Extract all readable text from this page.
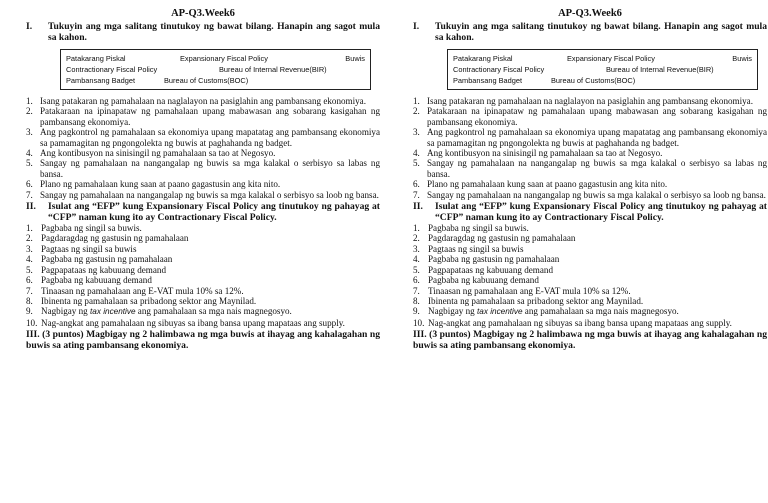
AP-Q3.Week6
I.	Tukuyin ang mga salitang tinutukoy ng bawat bilang. Hanapin ang sagot mula sa kahon.
Patakarang Piskal	Expansionary Fiscal Policy	Buwis
Contractionary Fiscal Policy	Bureau of Internal Revenue(BIR)
Pambansang Badget	Bureau of Customs(BOC)
1. Isang patakaran ng pamahalaan na naglalayon na pasiglahin ang pambansang ekonomiya.
2. Patakaraan na ipinapataw ng pamahalaan upang mabawasan ang sobarang kasigahan ng pambansang ekonomiya.
3. Ang pagkontrol ng pamahalaan sa ekonomiya upang mapatatag ang pambansang ekonomiya sa pamamagitan ng pngongolekta ng buwis at paghahanda ng badget.
4. Ang kontibusyon na sinisingil ng pamahalaan sa tao at Negosyo.
5. Sangay ng pamahalaan na nangangalap ng buwis sa mga kalakal o serbisyo sa labas ng bansa.
6. Plano ng pamahalaan kung saan at paano gagastusin ang kita nito.
7. Sangay ng pamahalaan na nangangalap ng buwis sa mga kalakal o serbisyo sa loob ng bansa.
II.	Isulat ang “EFP” kung Expansionary Fiscal Policy ang tinutukoy ng pahayag at “CFP” naman kung ito ay Contractionary Fiscal Policy.
1. Pagbaba ng singil sa buwis.
2. Pagdaragdag ng gastusin ng pamahalaan
3. Pagtaas ng singil sa buwis
4. Pagbaba ng gastusin ng pamahalaan
5. Pagpapataas ng kabuuang demand
6. Pagbaba ng kabuuang demand
7. Tinaasan ng pamahalaan ang E-VAT mula 10% sa 12%.
8. Ibinenta ng pamahalaan sa pribadong sektor ang Maynilad.
9. Nagbigay ng tax incentive ang pamahalaan sa mga nais magnegosyo.
10. Nag-angkat ang pamahalaan ng sibuyas sa ibang bansa upang mapataas ang supply.
III. (3 puntos) Magbigay ng 2 halimbawa ng mga buwis at ihayag ang kahalagahan ng buwis sa ating pambansang ekonomiya.
AP-Q3.Week6
I.	Tukuyin ang mga salitang tinutukoy ng bawat bilang. Hanapin ang sagot mula sa kahon.
Patakarang Piskal	Expansionary Fiscal Policy	Buwis
Contractionary Fiscal Policy	Bureau of Internal Revenue(BIR)
Pambansang Badget	Bureau of Customs(BOC)
1. Isang patakaran ng pamahalaan na naglalayon na pasiglahin ang pambansang ekonomiya.
2. Patakaraan na ipinapataw ng pamahalaan upang mabawasan ang sobarang kasigahan ng pambansang ekonomiya.
3. Ang pagkontrol ng pamahalaan sa ekonomiya upang mapatatag ang pambansang ekonomiya sa pamamagitan ng pngongolekta ng buwis at paghahanda ng badget.
4. Ang kontibusyon na sinisingil ng pamahalaan sa tao at Negosyo.
5. Sangay ng pamahalaan na nangangalap ng buwis sa mga kalakal o serbisyo sa labas ng bansa.
6. Plano ng pamahalaan kung saan at paano gagastusin ang kita nito.
7. Sangay ng pamahalaan na nangangalap ng buwis sa mga kalakal o serbisyo sa loob ng bansa.
II.	Isulat ang “EFP” kung Expansionary Fiscal Policy ang tinutukoy ng pahayag at “CFP” naman kung ito ay Contractionary Fiscal Policy.
1. Pagbaba ng singil sa buwis.
2. Pagdaragdag ng gastusin ng pamahalaan
3. Pagtaas ng singil sa buwis
4. Pagbaba ng gastusin ng pamahalaan
5. Pagpapataas ng kabuuang demand
6. Pagbaba ng kabuuang demand
7. Tinaasan ng pamahalaan ang E-VAT mula 10% sa 12%.
8. Ibinenta ng pamahalaan sa pribadong sektor ang Maynilad.
9. Nagbigay ng tax incentive ang pamahalaan sa mga nais magnegosyo.
10. Nag-angkat ang pamahalaan ng sibuyas sa ibang bansa upang mapataas ang supply.
III. (3 puntos) Magbigay ng 2 halimbawa ng mga buwis at ihayag ang kahalagahan ng buwis sa ating pambansang ekonomiya.
